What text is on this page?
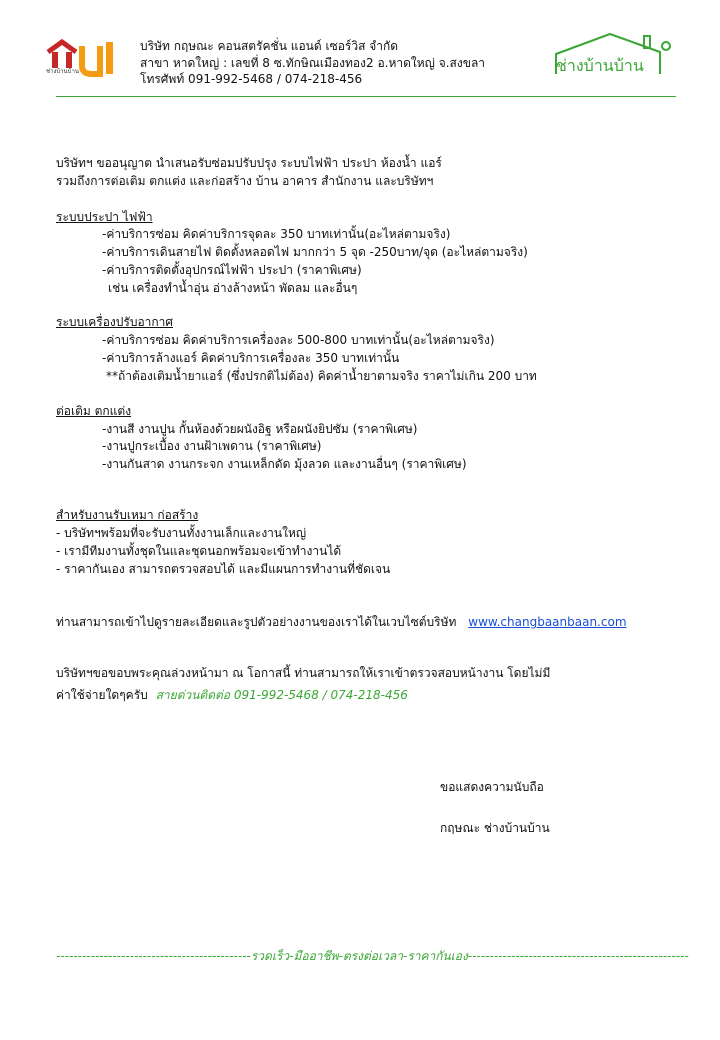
ช่างบ้านบ้าน
บริษัท กฤษณะ คอนสตรัคชั่น แอนด์ เซอร์วิส จำกัด
สาขา หาดใหญ่ : เลขที่ 8 ซ.ทักษิณเมืองทอง2 อ.หาดใหญ่ จ.สงขลา
โทรศัพท์ 091-992-5468 / 074-218-456
ช่างบ้านบ้าน
บริษัทฯ ขออนุญาต นำเสนอรับซ่อมปรับปรุง ระบบไฟฟ้า ประปา ห้องน้ำ แอร์
รวมถึงการต่อเติม ตกแต่ง และก่อสร้าง บ้าน อาคาร สำนักงาน และบริษัทฯ
ระบบประปา ไฟฟ้า
-ค่าบริการซ่อม คิดค่าบริการจุดละ 350 บาทเท่านั้น(อะไหล่ตามจริง)
-ค่าบริการเดินสายไฟ ติดตั้งหลอดไฟ มากกว่า 5 จุด -250บาท/จุด (อะไหล่ตามจริง)
-ค่าบริการติดตั้งอุปกรณ์ไฟฟ้า ประปา (ราคาพิเศษ)
เช่น เครื่องทำน้ำอุ่น อ่างล้างหน้า พัดลม และอื่นๆ
ระบบเครื่องปรับอากาศ
-ค่าบริการซ่อม คิดค่าบริการเครื่องละ 500-800 บาทเท่านั้น(อะไหล่ตามจริง)
-ค่าบริการล้างแอร์ คิดค่าบริการเครื่องละ 350 บาทเท่านั้น
**ถ้าต้องเติมน้ำยาแอร์ (ซึ่งปรกติไม่ต้อง) คิดค่าน้ำยาตามจริง ราคาไม่เกิน 200 บาท
ต่อเติม ตกแต่ง
-งานสี งานปูน กั้นห้องด้วยผนังอิฐ หรือผนังยิปซัม (ราคาพิเศษ)
-งานปูกระเบื้อง งานฝ้าเพดาน (ราคาพิเศษ)
-งานกันสาด งานกระจก งานเหล็กดัด มุ้งลวด และงานอื่นๆ (ราคาพิเศษ)
สำหรับงานรับเหมา ก่อสร้าง
- บริษัทฯพร้อมที่จะรับงานทั้งงานเล็กและงานใหญ่
- เรามีทีมงานทั้งชุดในและชุดนอกพร้อมจะเข้าทำงานได้
- ราคากันเอง สามารถตรวจสอบได้ และมีแผนการทำงานที่ชัดเจน
ท่านสามารถเข้าไปดูรายละเอียดและรูปตัวอย่างงานของเราได้ในเวบไซต์บริษัท www.changbaanbaan.com
บริษัทฯขอขอบพระคุณล่วงหน้ามา ณ โอกาสนี้ ท่านสามารถให้เราเข้าตรวจสอบหน้างาน โดยไม่มี
ค่าใช้จ่ายใดๆครับ สายด่วนติดต่อ 091-992-5468 / 074-218-456
ขอแสดงความนับถือ
กฤษณะ ช่างบ้านบ้าน
---------------------------------------------รวดเร็ว-มืออาชีพ-ตรงต่อเวลา-ราคากันเอง---------------------------------------------------
